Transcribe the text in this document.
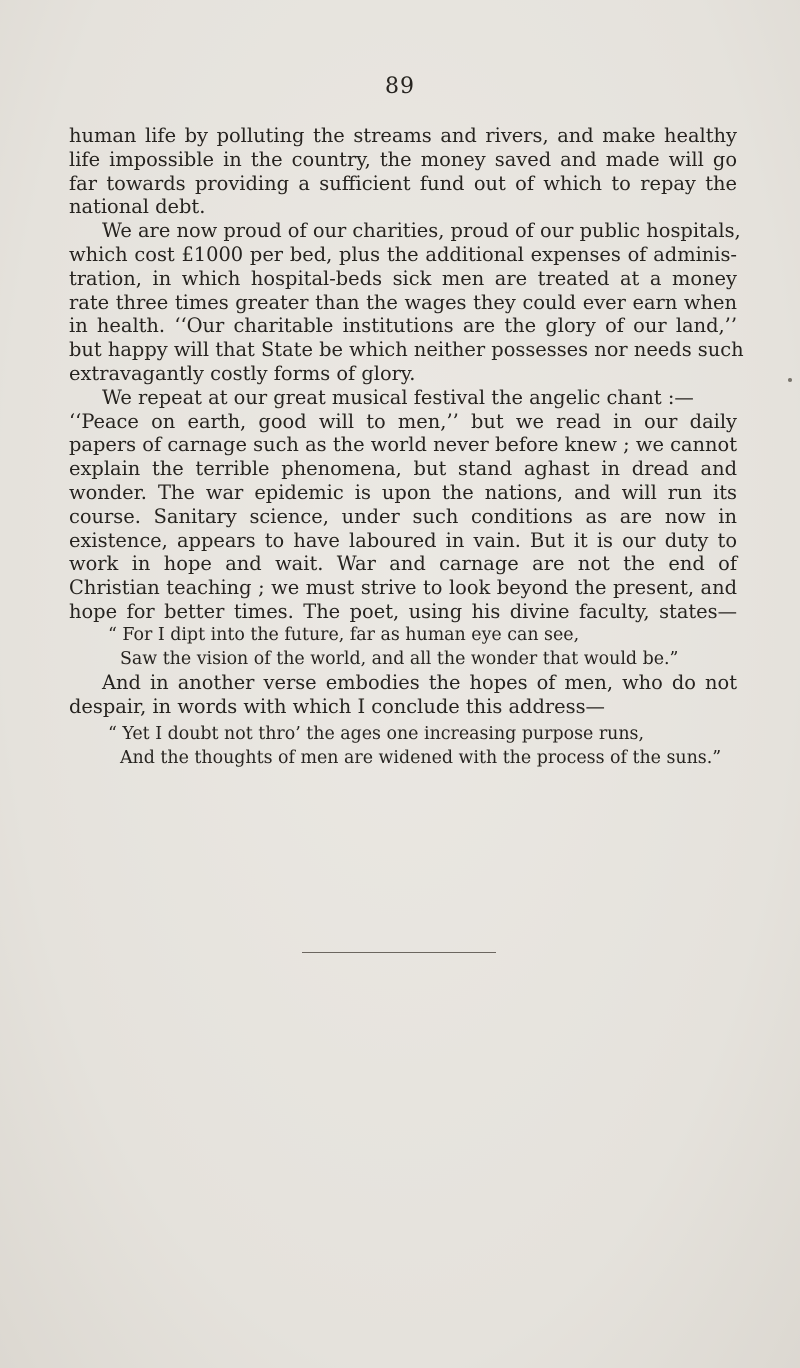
89
human life by polluting the streams and rivers, and make healthy
life impossible in the country, the money saved and made will go
far towards providing a sufficient fund out of which to repay the
national debt.
We are now proud of our charities, proud of our public hospitals,
which cost £1000 per bed, plus the additional expenses of adminis-
tration, in which hospital-beds sick men are treated at a money
rate three times greater than the wages they could ever earn when
in health. ‘‘Our charitable institutions are the glory of our land,’’
but happy will that State be which neither possesses nor needs such
extravagantly costly forms of glory.
We repeat at our great musical festival the angelic chant :—
‘‘Peace on earth, good will to men,’’ but we read in our daily
papers of carnage such as the world never before knew ; we cannot
explain the terrible phenomena, but stand aghast in dread and
wonder. The war epidemic is upon the nations, and will run its
course. Sanitary science, under such conditions as are now in
existence, appears to have laboured in vain. But it is our duty to
work in hope and wait. War and carnage are not the end of
Christian teaching ; we must strive to look beyond the present, and
hope for better times. The poet, using his divine faculty, states—
“ For I dipt into the future, far as human eye can see,
Saw the vision of the world, and all the wonder that would be.”
And in another verse embodies the hopes of men, who do not
despair, in words with which I conclude this address—
“ Yet I doubt not thro’ the ages one increasing purpose runs,
And the thoughts of men are widened with the process of the suns.”
